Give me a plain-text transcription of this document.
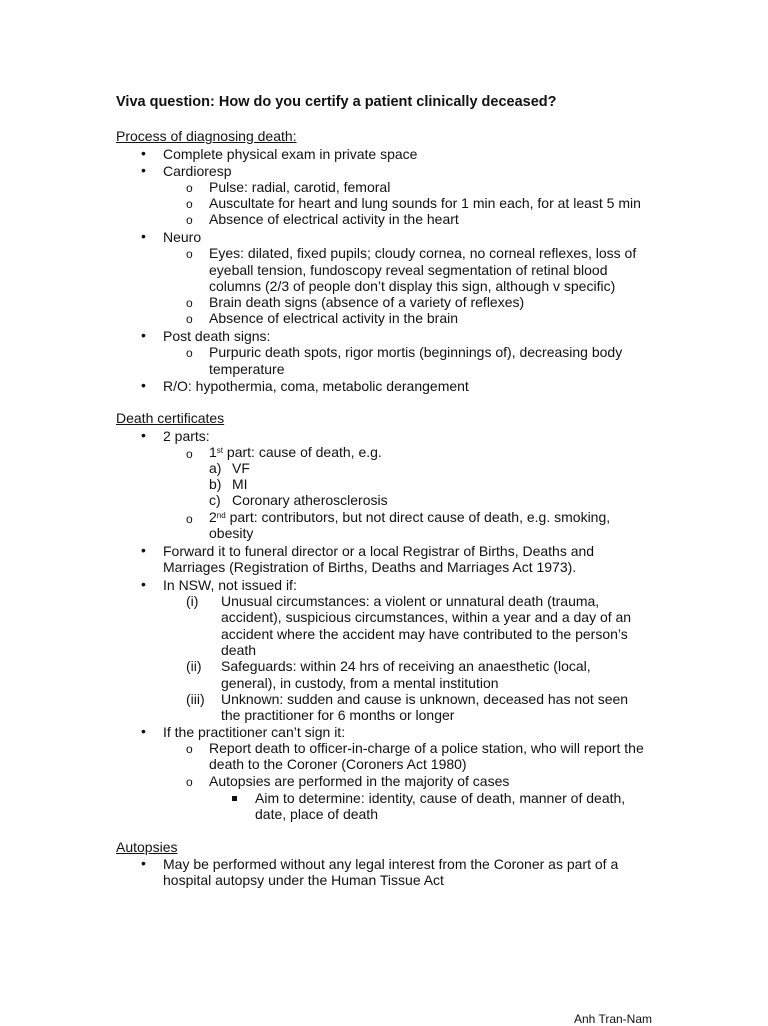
Viva question: How do you certify a patient clinically deceased?
Process of diagnosing death:
• Complete physical exam in private space
• Cardioresp
o Pulse: radial, carotid, femoral
o Auscultate for heart and lung sounds for 1 min each, for at least 5 min
o Absence of electrical activity in the heart
• Neuro
o Eyes: dilated, fixed pupils; cloudy cornea, no corneal reflexes, loss of
eyeball tension, fundoscopy reveal segmentation of retinal blood
columns (2/3 of people don’t display this sign, although v specific)
o Brain death signs (absence of a variety of reflexes)
o Absence of electrical activity in the brain
• Post death signs:
o Purpuric death spots, rigor mortis (beginnings of), decreasing body
temperature
• R/O: hypothermia, coma, metabolic derangement
Death certificates
• 2 parts:
o 1st part: cause of death, e.g.
a) VF
b) MI
c) Coronary atherosclerosis
o 2nd part: contributors, but not direct cause of death, e.g. smoking,
obesity
• Forward it to funeral director or a local Registrar of Births, Deaths and
Marriages (Registration of Births, Deaths and Marriages Act 1973).
• In NSW, not issued if:
(i) Unusual circumstances: a violent or unnatural death (trauma,
accident), suspicious circumstances, within a year and a day of an
accident where the accident may have contributed to the person’s
death
(ii) Safeguards: within 24 hrs of receiving an anaesthetic (local,
general), in custody, from a mental institution
(iii) Unknown: sudden and cause is unknown, deceased has not seen
the practitioner for 6 months or longer
• If the practitioner can’t sign it:
o Report death to officer-in-charge of a police station, who will report the
death to the Coroner (Coroners Act 1980)
o Autopsies are performed in the majority of cases
Aim to determine: identity, cause of death, manner of death,
date, place of death
Autopsies
• May be performed without any legal interest from the Coroner as part of a
hospital autopsy under the Human Tissue Act
Anh Tran-Nam
